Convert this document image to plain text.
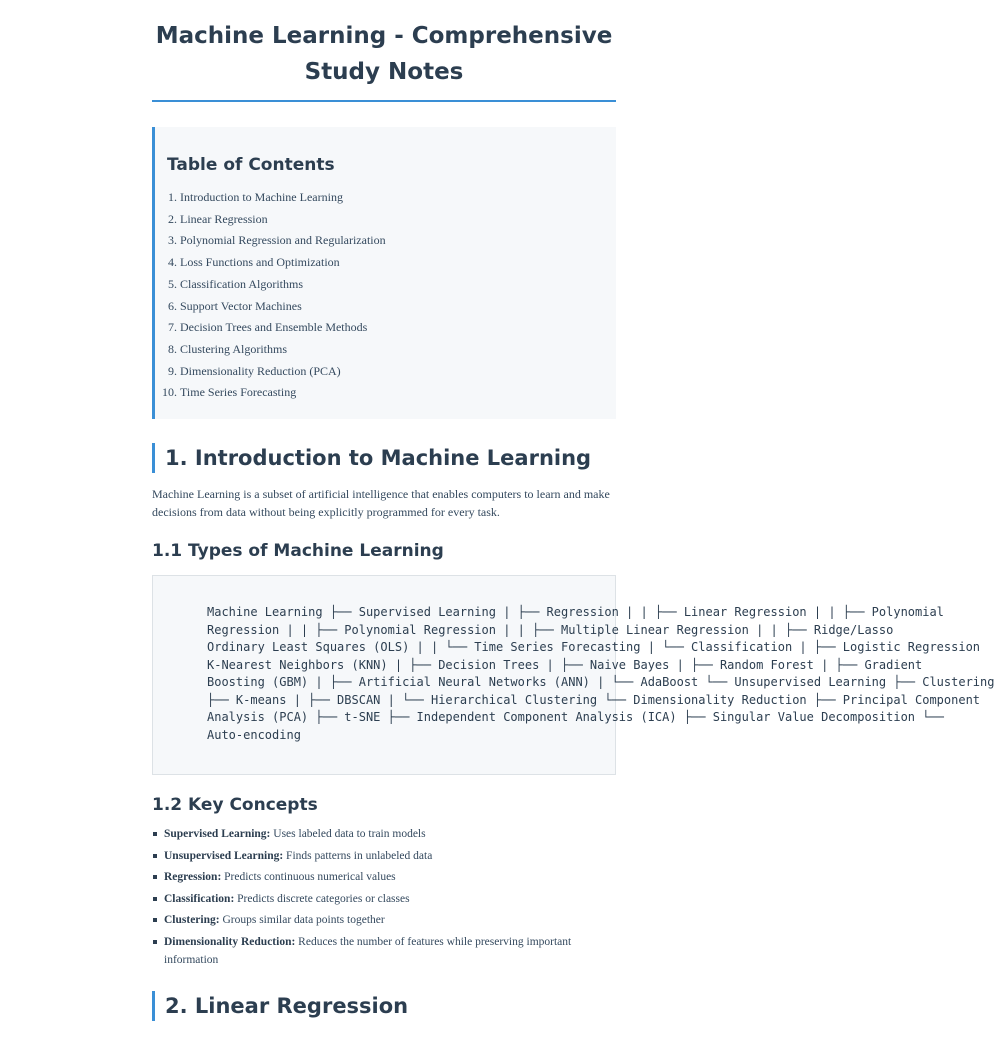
Machine Learning - Comprehensive Study Notes
Table of Contents
1. Introduction to Machine Learning
2. Linear Regression
3. Polynomial Regression and Regularization
4. Loss Functions and Optimization
5. Classification Algorithms
6. Support Vector Machines
7. Decision Trees and Ensemble Methods
8. Clustering Algorithms
9. Dimensionality Reduction (PCA)
10. Time Series Forecasting
1. Introduction to Machine Learning

Machine Learning is a subset of artificial intelligence that enables computers to learn and make decisions from data without being explicitly programmed for every task.

1.1 Types of Machine Learning
Machine Learning ├── Supervised Learning | ├── Regression | | ├── Linear Regression | | ├── Polynomial
Regression | | ├── Polynomial Regression | | ├── Multiple Linear Regression | | ├── Ridge/Lasso
Ordinary Least Squares (OLS) | | └── Time Series Forecasting | └── Classification | ├── Logistic Regression
K-Nearest Neighbors (KNN) | ├── Decision Trees | ├── Naive Bayes | ├── Random Forest | ├── Gradient
Boosting (GBM) | ├── Artificial Neural Networks (ANN) | └── AdaBoost └── Unsupervised Learning ├── Clustering
├── K-means | ├── DBSCAN | └── Hierarchical Clustering └── Dimensionality Reduction ├── Principal Component
Analysis (PCA) ├── t-SNE ├── Independent Component Analysis (ICA) ├── Singular Value Decomposition └──
Auto-encoding
1.2 Key Concepts
Supervised Learning: Uses labeled data to train models
Unsupervised Learning: Finds patterns in unlabeled data
Regression: Predicts continuous numerical values
Classification: Predicts discrete categories or classes
Clustering: Groups similar data points together
Dimensionality Reduction: Reduces the number of features while preserving important information
2. Linear Regression
